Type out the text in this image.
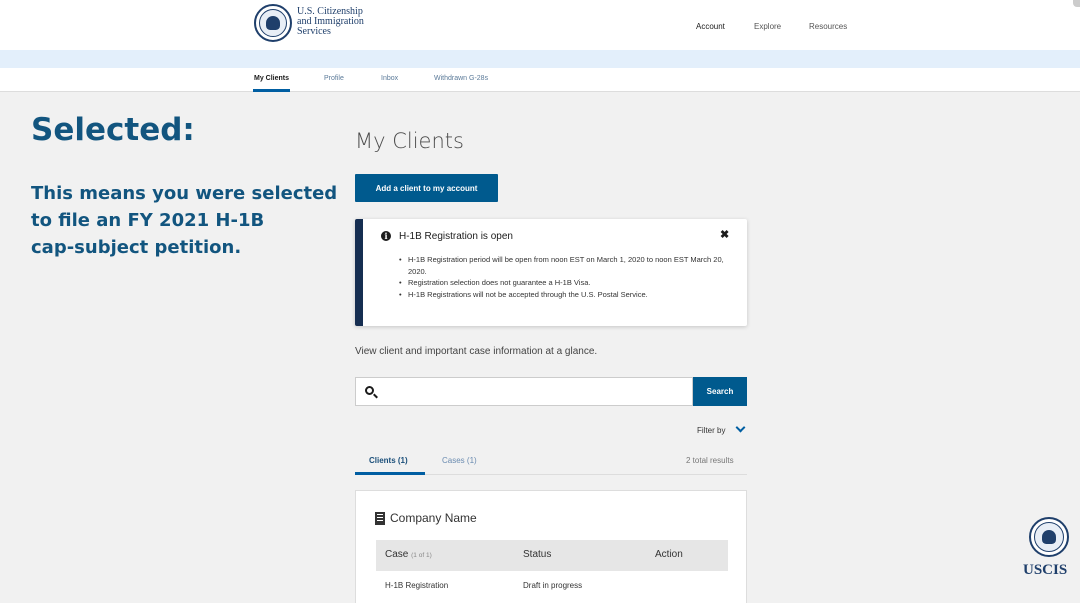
U.S. Citizenship
and Immigration
Services	Account	Explore	Resources
My Clients	Profile	Inbox	Withdrawn G-28s
Selected:
This means you were selected
to file an FY 2021 H-1B
cap-subject petition.
My Clients
Add a client to my account
i	H-1B Registration is open	✖
• H-1B Registration period will be open from noon EST on March 1, 2020 to noon EST March 20, 2020.
• Registration selection does not guarantee a H-1B Visa.
• H-1B Registrations will not be accepted through the U.S. Postal Service.
View client and important case information at a glance.
Search
Filter by
Clients (1)	Cases (1)	2 total results
Company Name
Case (1 of 1)	Status	Action
H-1B Registration	Draft in progress
USCIS
